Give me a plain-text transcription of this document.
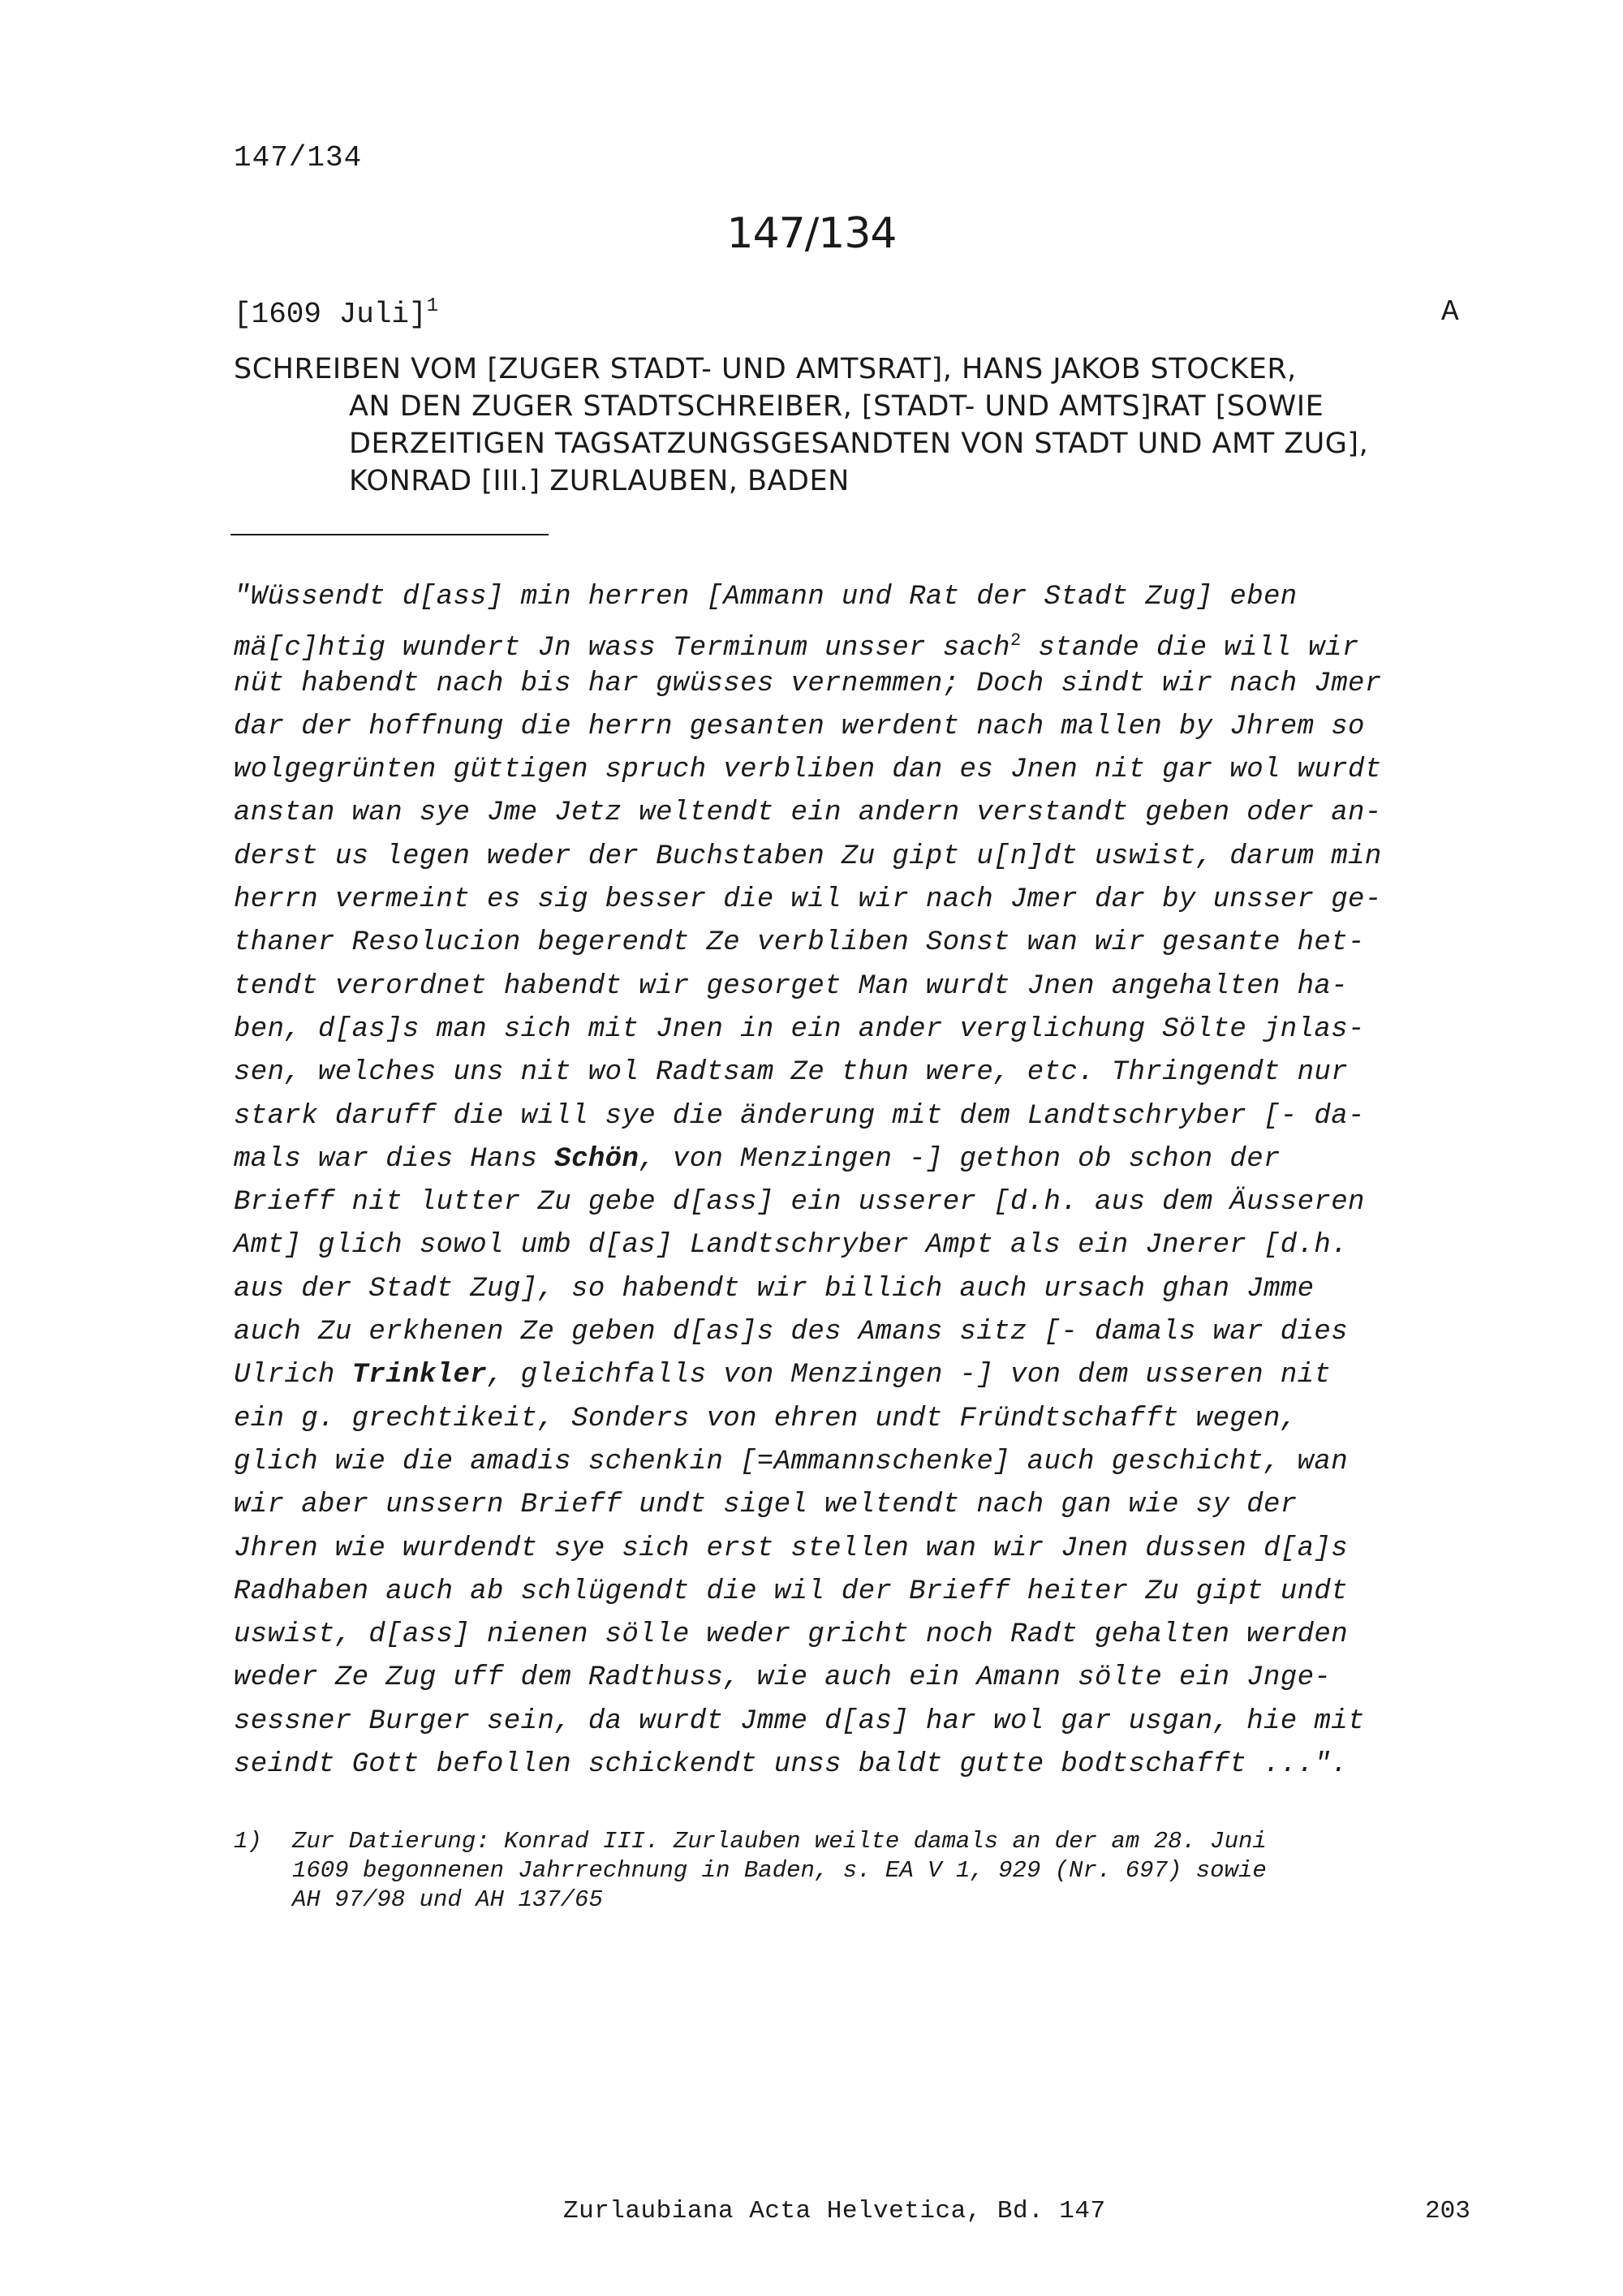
147/134
147/134
[1609 Juli]$^1$	A
SCHREIBEN VOM [ZUGER STADT- UND AMTSRAT], HANS JAKOB STOCKER,
AN DEN ZUGER STADTSCHREIBER, [STADT- UND AMTS]RAT [SOWIE
DERZEITIGEN TAGSATZUNGSGESANDTEN VON STADT UND AMT ZUG],
KONRAD [III.] ZURLAUBEN, BADEN
"Wüssendt d[ass] min herren [Ammann und Rat der Stadt Zug] eben
mä[c]htig wundert Jn wass Terminum unsser sach$^2$ stande die will wir
nüt habendt nach bis har gwüsses vernemmen; Doch sindt wir nach Jmer
dar der hoffnung die herrn gesanten werdent nach mallen by Jhrem so
wolgegrünten güttigen spruch verbliben dan es Jnen nit gar wol wurdt
anstan wan sye Jme Jetz weltendt ein andern verstandt geben oder an-
derst us legen weder der Buchstaben Zu gipt u[n]dt uswist, darum min
herrn vermeint es sig besser die wil wir nach Jmer dar by unsser ge-
thaner Resolucion begerendt Ze verbliben Sonst wan wir gesante het-
tendt verordnet habendt wir gesorget Man wurdt Jnen angehalten ha-
ben, d[as]s man sich mit Jnen in ein ander verglichung Sölte jnlas-
sen, welches uns nit wol Radtsam Ze thun were, etc. Thringendt nur
stark daruff die will sye die änderung mit dem Landtschryber [- da-
mals war dies Hans Schön, von Menzingen -] gethon ob schon der
Brieff nit lutter Zu gebe d[ass] ein usserer [d.h. aus dem Äusseren
Amt] glich sowol umb d[as] Landtschryber Ampt als ein Jnerer [d.h.
aus der Stadt Zug], so habendt wir billich auch ursach ghan Jmme
auch Zu erkhenen Ze geben d[as]s des Amans sitz [- damals war dies
Ulrich Trinkler, gleichfalls von Menzingen -] von dem usseren nit
ein g. grechtikeit, Sonders von ehren undt Fründtschafft wegen,
glich wie die amadis schenkin [=Ammannschenke] auch geschicht, wan
wir aber unssern Brieff undt sigel weltendt nach gan wie sy der
Jhren wie wurdendt sye sich erst stellen wan wir Jnen dussen d[a]s
Radhaben auch ab schlügendt die wil der Brieff heiter Zu gipt undt
uswist, d[ass] nienen sölle weder gricht noch Radt gehalten werden
weder Ze Zug uff dem Radthuss, wie auch ein Amann sölte ein Jnge-
sessner Burger sein, da wurdt Jmme d[as] har wol gar usgan, hie mit
seindt Gott befollen schickendt unss baldt gutte bodtschafft ...".
1) Zur Datierung: Konrad III. Zurlauben weilte damals an der am 28. Juni
1609 begonnenen Jahrrechnung in Baden, s. EA V 1, 929 (Nr. 697) sowie
AH 97/98 und AH 137/65
Zurlaubiana Acta Helvetica, Bd. 147	203
